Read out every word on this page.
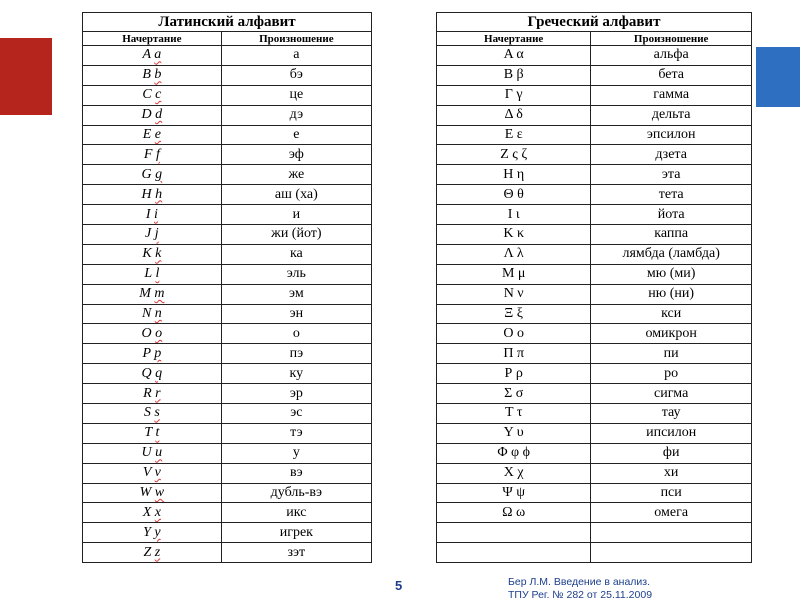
Латинский алфавит	
Начертание	Произношение
A a	а
B b	бэ
C c	це
D d	дэ
E e	е
F f	эф
G g	же
H h	аш (ха)
I i	и
J j	жи (йот)
K k	ка
L l	эль
M m	эм
N n	эн
O o	о
P p	пэ
Q q	ку
R r	эр
S s	эс
T t	тэ
U u	у
V v	вэ
W w	дубль-вэ
X x	икс
Y y	игрек
Z z	зэт
Греческий алфавит	
Начертание	Произношение
Α α	альфа
Β β	бета
Γ γ	гамма
Δ δ	дельта
Ε ε	эпсилон
Ζ ς ζ	дзета
Η η	эта
Θ θ	тета
Ι ι	йота
Κ κ	каппа
Λ λ	лямбда (ламбда)
Μ μ	мю (ми)
Ν ν	ню (ни)
Ξ ξ	кси
Ο ο	омикрон
Π π	пи
Ρ ρ	ро
Σ σ	сигма
Τ τ	тау
Υ υ	ипсилон
Φ φ ϕ	фи
Χ χ	хи
Ψ ψ	пси
Ω ω	омега

5	Бер Л.М. Введение в анализ.
ТПУ Рег. № 282 от 25.11.2009
